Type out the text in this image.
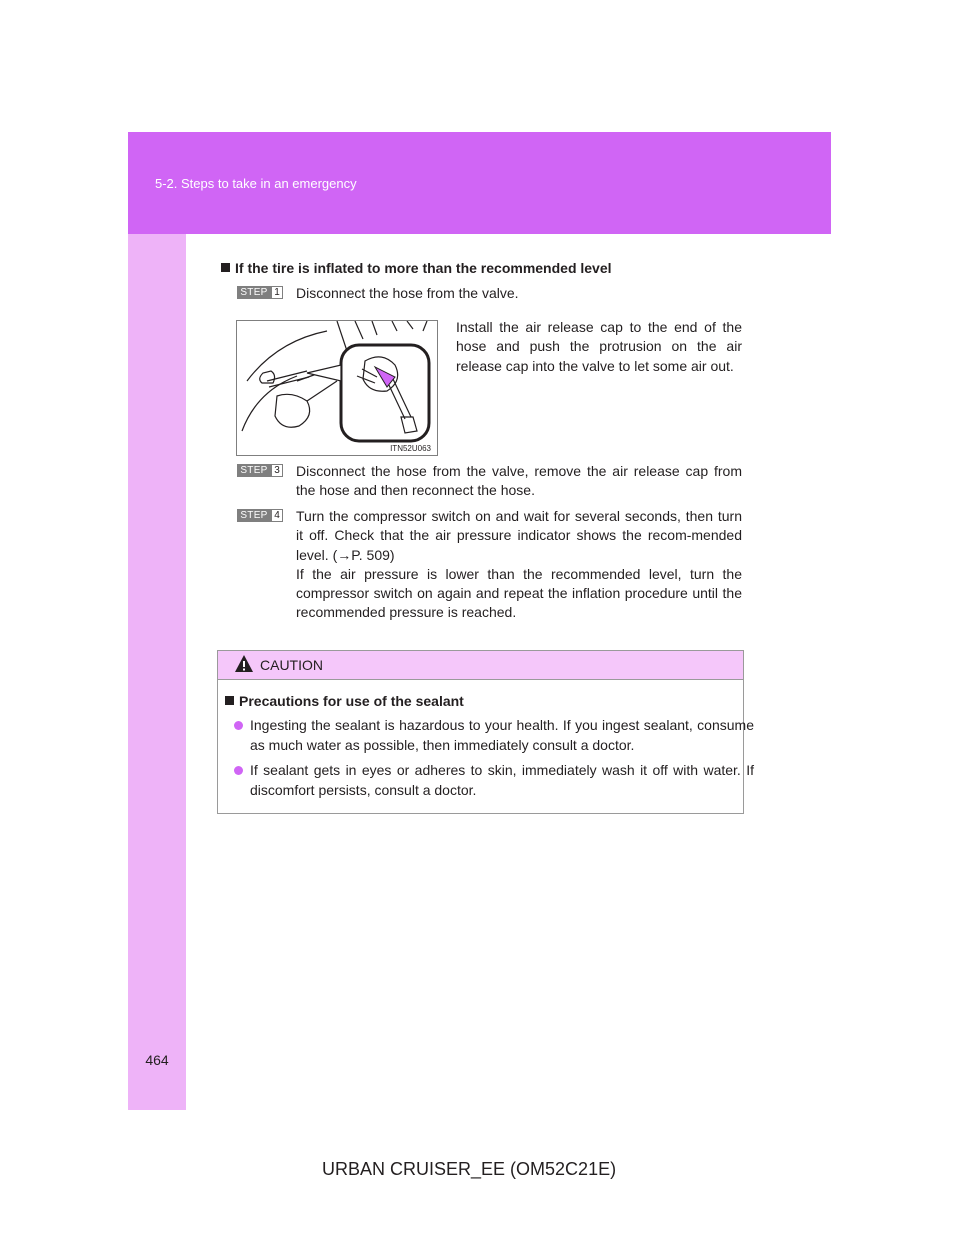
5-2. Steps to take in an emergency
464
URBAN CRUISER_EE (OM52C21E)
If the tire is inflated to more than the recommended level
STEP 1 Disconnect the hose from the valve.
ITN52U063
Install the air release cap to the end of the hose and push the protrusion on the air release cap into the valve to let some air out.
STEP 3 Disconnect the hose from the valve, remove the air release cap from the hose and then reconnect the hose.
STEP 4 Turn the compressor switch on and wait for several seconds, then turn it off. Check that the air pressure indicator shows the recom-mended level. (→P. 509)
If the air pressure is lower than the recommended level, turn the compressor switch on again and repeat the inflation procedure until the recommended pressure is reached.
CAUTION
Precautions for use of the sealant
Ingesting the sealant is hazardous to your health. If you ingest sealant, consume as much water as possible, then immediately consult a doctor.
If sealant gets in eyes or adheres to skin, immediately wash it off with water. If discomfort persists, consult a doctor.
